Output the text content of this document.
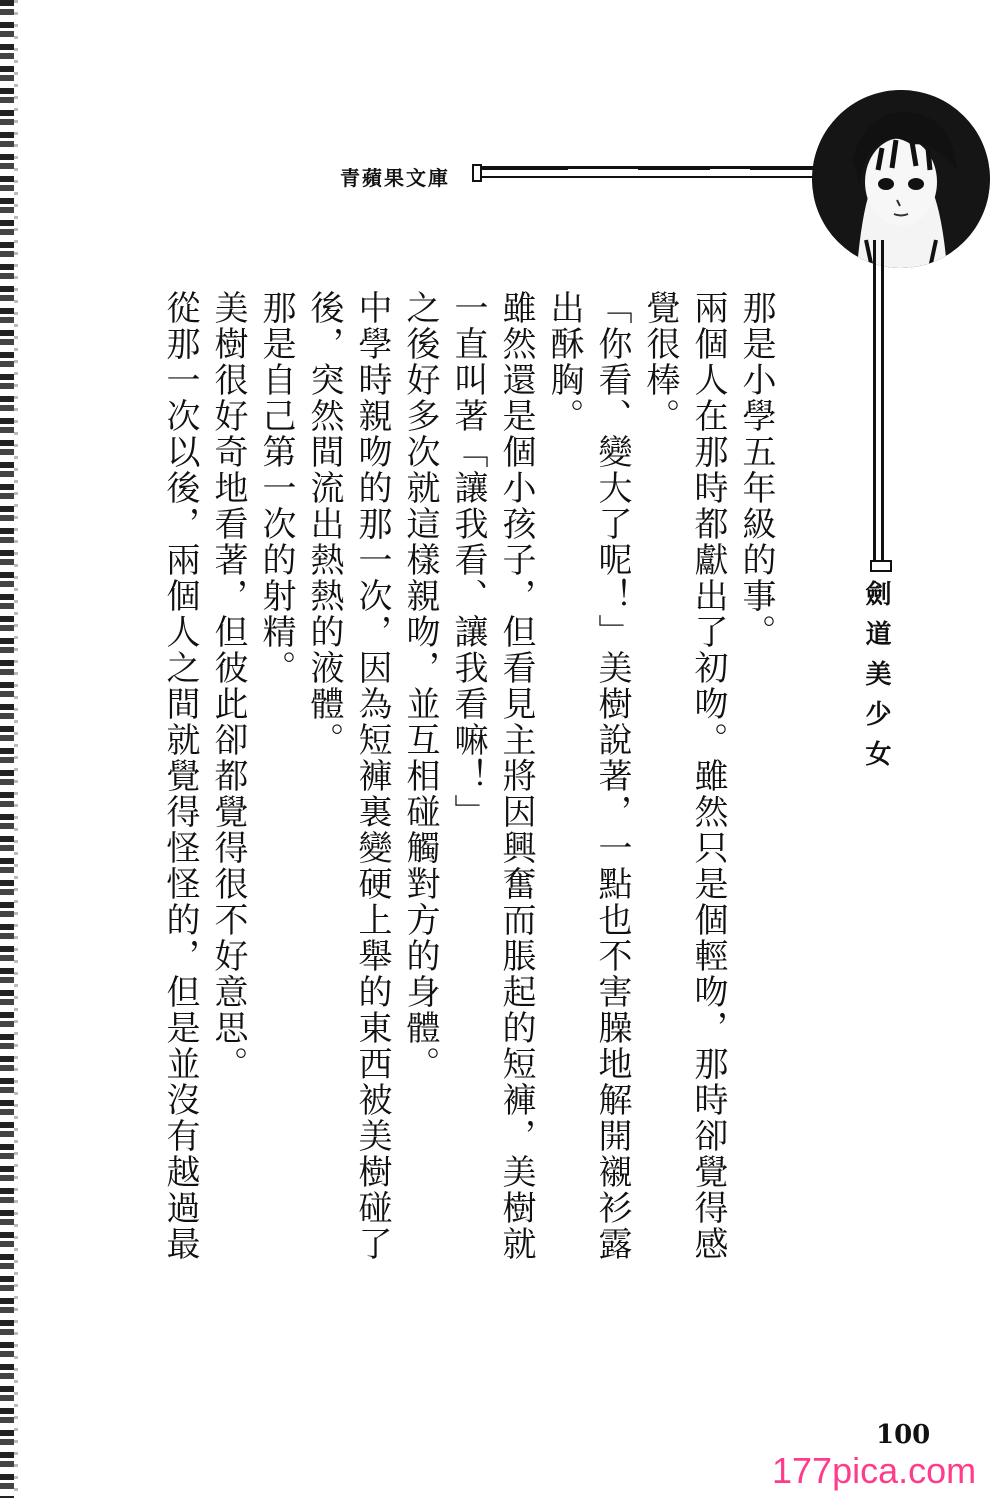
青蘋果文庫
劍道美少女

那是小學五年級的事。

兩個人在那時都獻出了初吻。雖然只是個輕吻，那時卻覺得感

覺很棒。

「你看、變大了呢！」美樹說著，一點也不害臊地解開襯衫露

出酥胸。

雖然還是個小孩子，但看見主將因興奮而脹起的短褲，美樹就

一直叫著「讓我看、讓我看嘛！」

之後好多次就這樣親吻，並互相碰觸對方的身體。

中學時親吻的那一次，因為短褲裏變硬上舉的東西被美樹碰了

後，突然間流出熱熱的液體。

那是自己第一次的射精。

美樹很好奇地看著，但彼此卻都覺得很不好意思。

從那一次以後，兩個人之間就覺得怪怪的，但是並沒有越過最

100
177pica.com
